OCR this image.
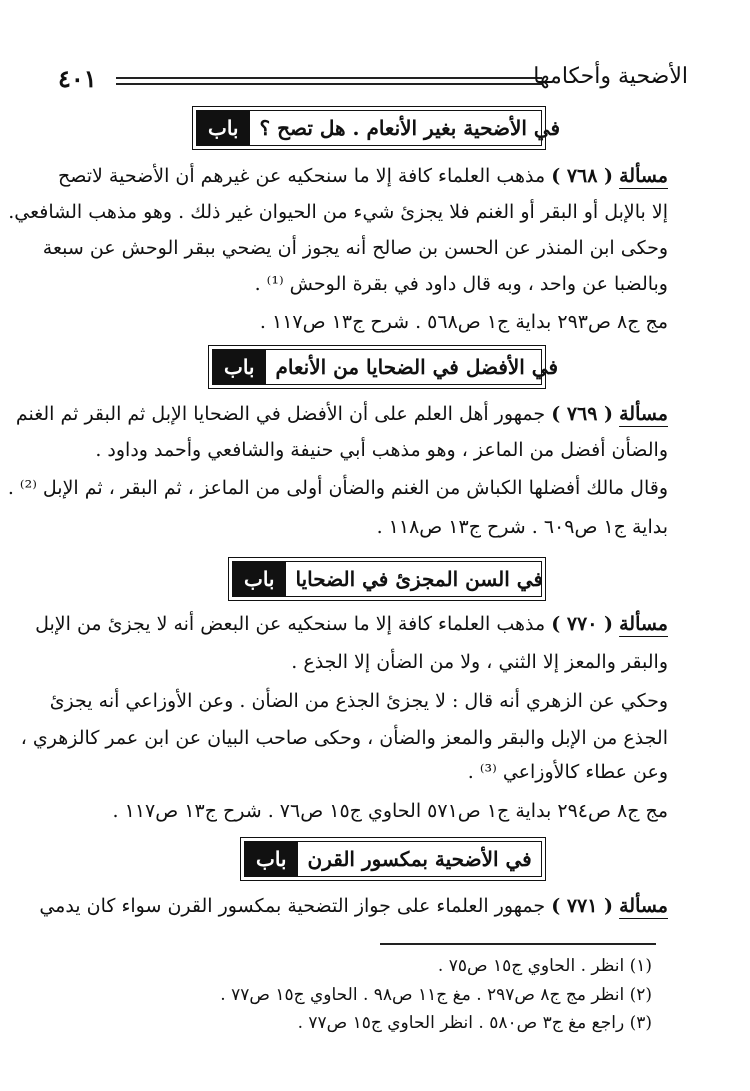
٤٠١	الأضحية وأحكامها
باب	في الأضحية بغير الأنعام . هل تصح ؟
مسألة ( ٧٦٨ ) مذهب العلماء كافة إلا ما سنحكيه عن غيرهم أن الأضحية لاتصح
إلا بالإبل أو البقر أو الغنم فلا يجزئ شيء من الحيوان غير ذلك . وهو مذهب الشافعي.
وحكى ابن المنذر عن الحسن بن صالح أنه يجوز أن يضحي ببقر الوحش عن سبعة
وبالضبا عن واحد ، وبه قال داود في بقرة الوحش ⁽¹⁾ .
مج ج٨ ص٢٩٣ بداية ج١ ص٥٦٨ . شرح ج١٣ ص١١٧ .
باب	في الأفضل في الضحايا من الأنعام
مسألة ( ٧٦٩ ) جمهور أهل العلم على أن الأفضل في الضحايا الإبل ثم البقر ثم الغنم
والضأن أفضل من الماعز ، وهو مذهب أبي حنيفة والشافعي وأحمد وداود .
وقال مالك أفضلها الكباش من الغنم والضأن أولى من الماعز ، ثم البقر ، ثم الإبل ⁽²⁾ .
بداية ج١ ص٦٠٩ . شرح ج١٣ ص١١٨ .
باب	في السن المجزئ في الضحايا
مسألة ( ٧٧٠ ) مذهب العلماء كافة إلا ما سنحكيه عن البعض أنه لا يجزئ من الإبل
والبقر والمعز إلا الثني ، ولا من الضأن إلا الجذع .
وحكي عن الزهري أنه قال : لا يجزئ الجذع من الضأن . وعن الأوزاعي أنه يجزئ
الجذع من الإبل والبقر والمعز والضأن ، وحكى صاحب البيان عن ابن عمر كالزهري ،
وعن عطاء كالأوزاعي ⁽³⁾ .
مج ج٨ ص٢٩٤ بداية ج١ ص٥٧١ الحاوي ج١٥ ص٧٦ . شرح ج١٣ ص١١٧ .
باب	في الأضحية بمكسور القرن
مسألة ( ٧٧١ ) جمهور العلماء على جواز التضحية بمكسور القرن سواء كان يدمي
(١) انظر . الحاوي ج١٥ ص٧٥ .
(٢) انظر مج ج٨ ص٢٩٧ . مغ ج١١ ص٩٨ . الحاوي ج١٥ ص٧٧ .
(٣) راجع مغ ج٣ ص٥٨٠ . انظر الحاوي ج١٥ ص٧٧ .
